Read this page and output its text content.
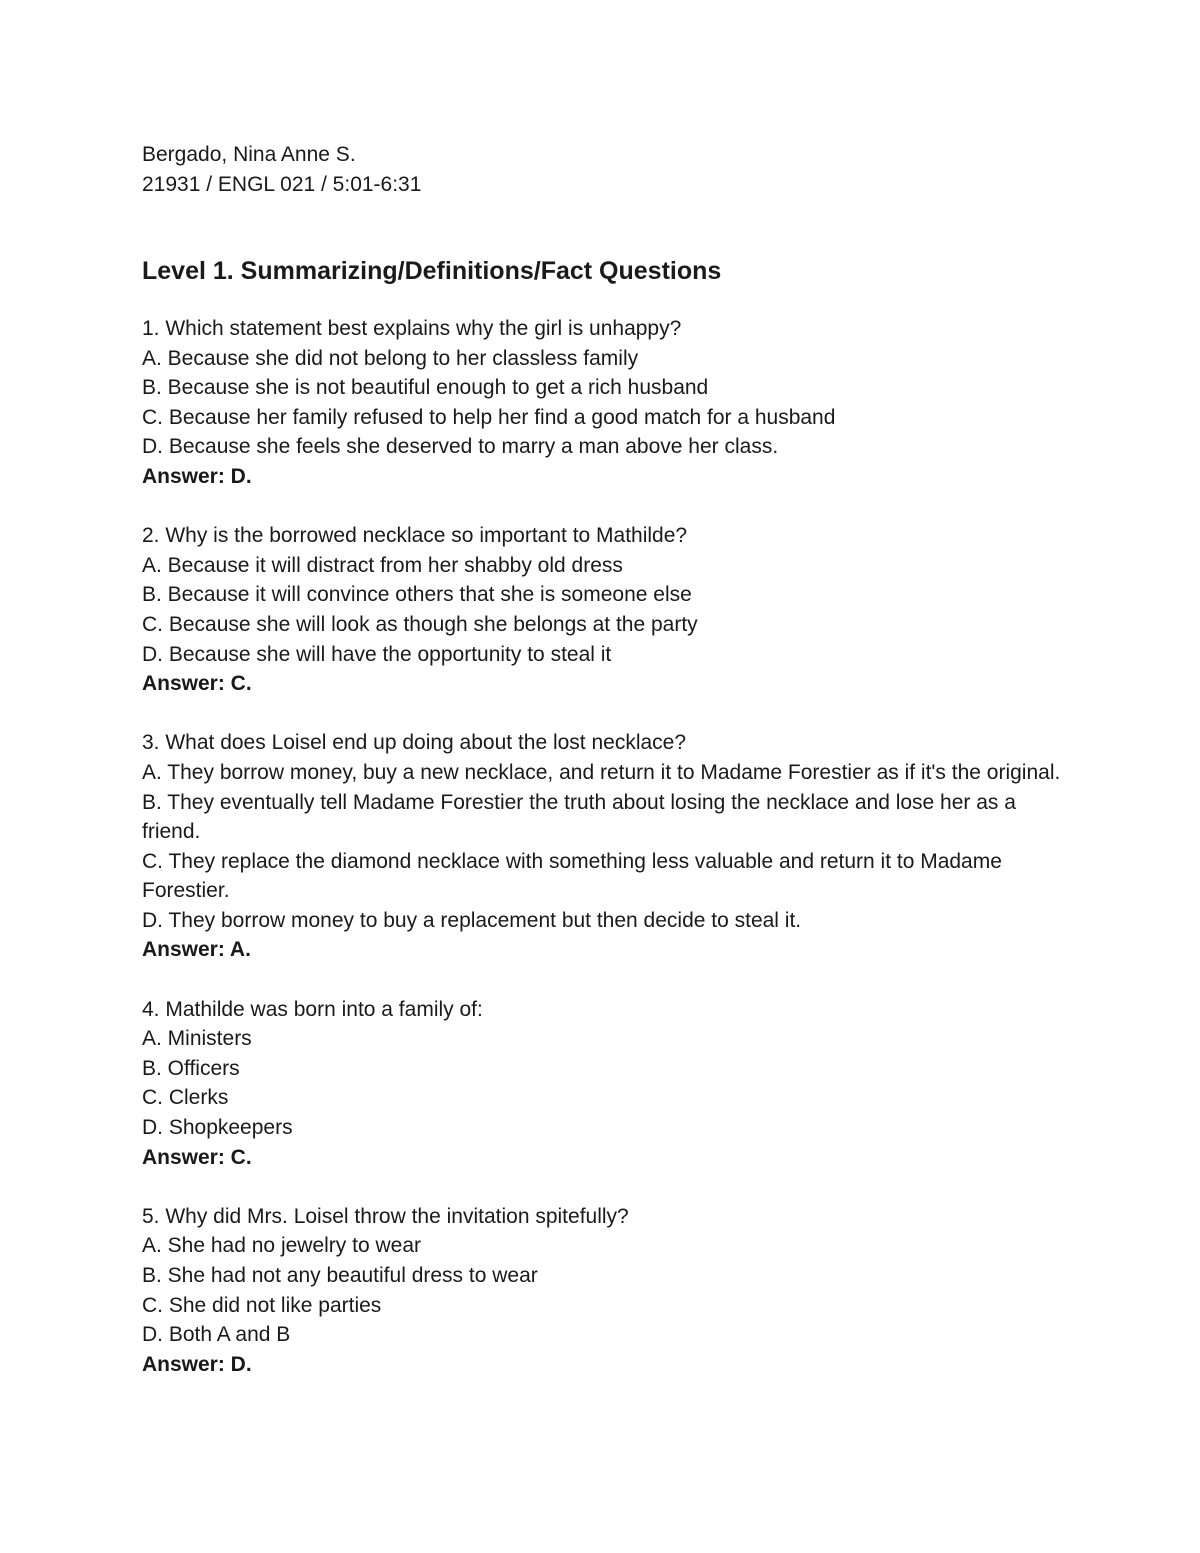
Bergado, Nina Anne S.

21931 / ENGL 021 / 5:01-6:31

Level 1. Summarizing/Definitions/Fact Questions

1. Which statement best explains why the girl is unhappy?

A. Because she did not belong to her classless family

B. Because she is not beautiful enough to get a rich husband

C. Because her family refused to help her find a good match for a husband

D. Because she feels she deserved to marry a man above her class.

Answer: D.

2. Why is the borrowed necklace so important to Mathilde?

A. Because it will distract from her shabby old dress

B. Because it will convince others that she is someone else

C. Because she will look as though she belongs at the party

D. Because she will have the opportunity to steal it

Answer: C.

3. What does Loisel end up doing about the lost necklace?

A. They borrow money, buy a new necklace, and return it to Madame Forestier as if it's the original.

B. They eventually tell Madame Forestier the truth about losing the necklace and lose her as a friend.

C. They replace the diamond necklace with something less valuable and return it to Madame Forestier.

D. They borrow money to buy a replacement but then decide to steal it.

Answer: A.

4. Mathilde was born into a family of:

A. Ministers

B. Officers

C. Clerks

D. Shopkeepers

Answer: C.

5. Why did Mrs. Loisel throw the invitation spitefully?

A. She had no jewelry to wear

B. She had not any beautiful dress to wear

C. She did not like parties

D. Both A and B

Answer: D.
